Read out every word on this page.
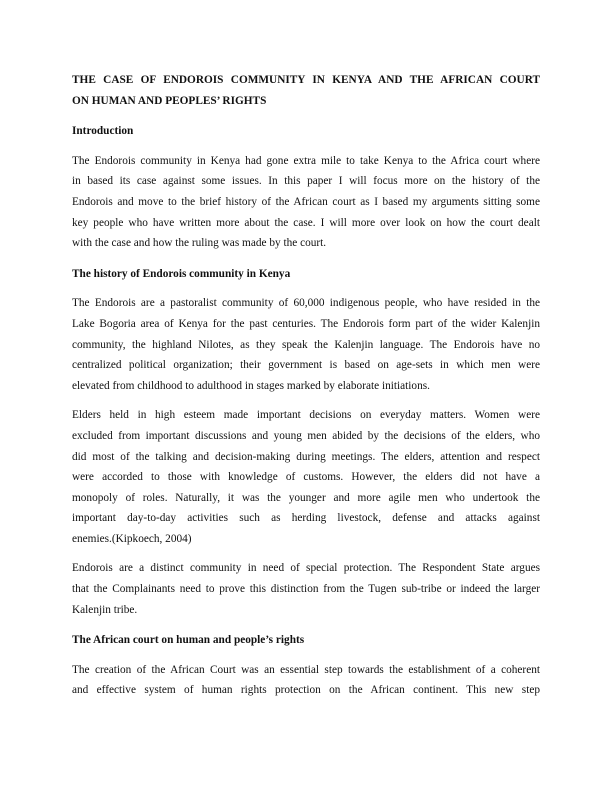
THE CASE OF ENDOROIS COMMUNITY IN KENYA AND THE AFRICAN COURT
ON HUMAN AND PEOPLES’ RIGHTS
Introduction
The Endorois community in Kenya had gone extra mile to take Kenya to the Africa court where
in based its case against some issues. In this paper I will focus more on the history of the
Endorois and move to the brief history of the African court as I based my arguments sitting some
key people who have written more about the case. I will more over look on how the court dealt
with the case and how the ruling was made by the court.
The history of Endorois community in Kenya
The Endorois are a pastoralist community of 60,000 indigenous people, who have resided in the
Lake Bogoria area of Kenya for the past centuries. The Endorois form part of the wider Kalenjin
community, the highland Nilotes, as they speak the Kalenjin language. The Endorois have no
centralized political organization; their government is based on age-sets in which men were
elevated from childhood to adulthood in stages marked by elaborate initiations.
Elders held in high esteem made important decisions on everyday matters. Women were
excluded from important discussions and young men abided by the decisions of the elders, who
did most of the talking and decision-making during meetings. The elders, attention and respect
were accorded to those with knowledge of customs. However, the elders did not have a
monopoly of roles. Naturally, it was the younger and more agile men who undertook the
important day-to-day activities such as herding livestock, defense and attacks against
enemies.(Kipkoech, 2004)
Endorois are a distinct community in need of special protection. The Respondent State argues
that the Complainants need to prove this distinction from the Tugen sub-tribe or indeed the larger
Kalenjin tribe.
The African court on human and people’s rights
The creation of the African Court was an essential step towards the establishment of a coherent
and effective system of human rights protection on the African continent. This new step
